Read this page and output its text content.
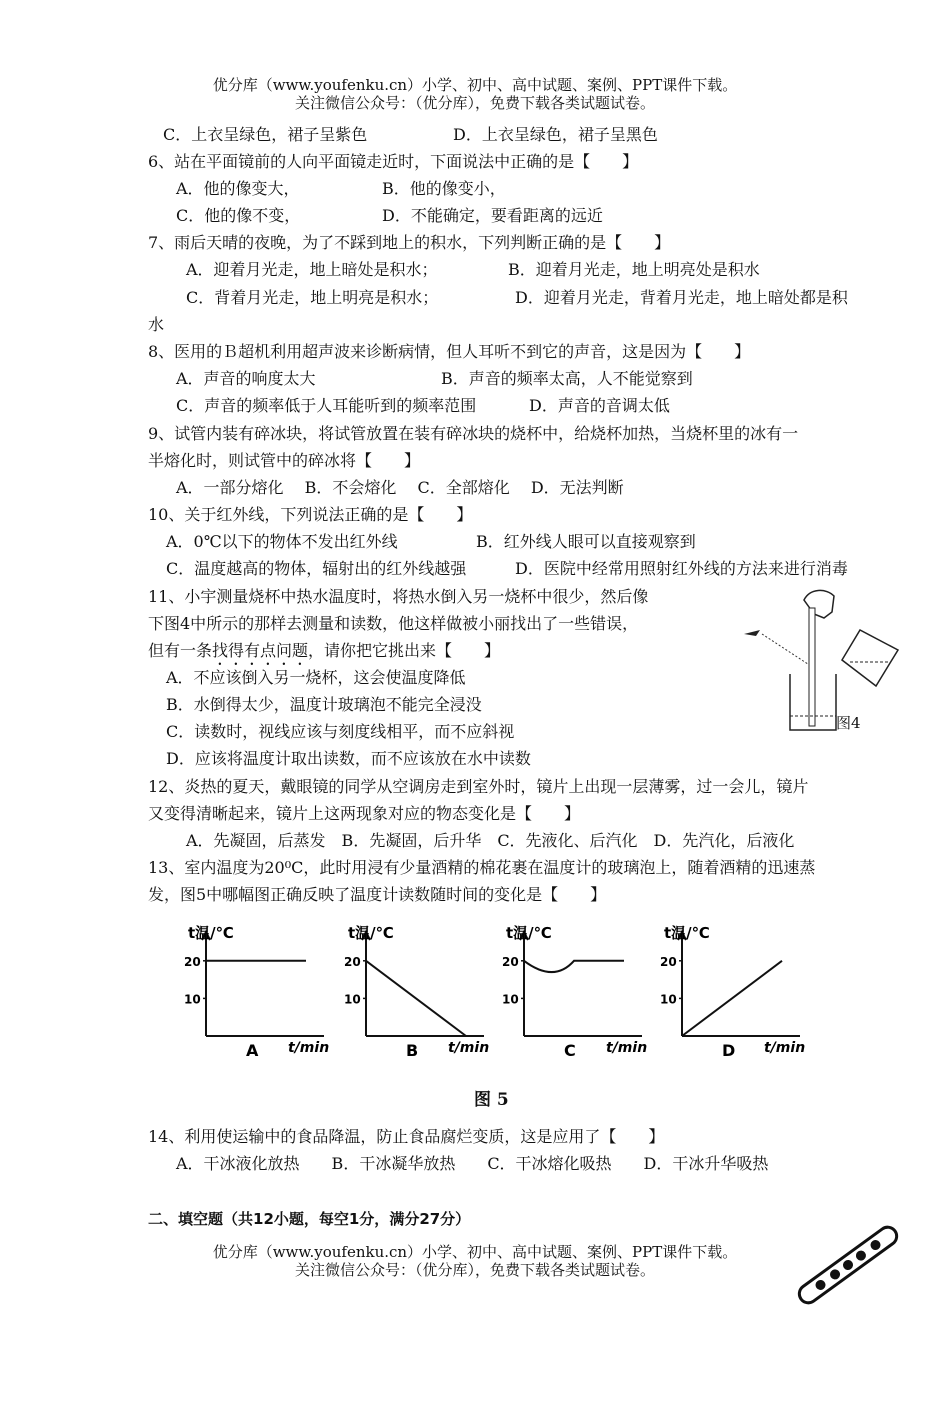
优分库（www.youfenku.cn）小学、初中、高中试题、案例、PPT课件下载。
关注微信公众号：（优分库），免费下载各类试题试卷。
C．上衣呈绿色，裙子呈紫色	D．上衣呈绿色，裙子呈黑色
6、站在平面镜前的人向平面镜走近时，下面说法中正确的是【　　】
A．他的像变大，	B．他的像变小，
C．他的像不变，	D．不能确定，要看距离的远近
7、雨后天晴的夜晚，为了不踩到地上的积水，下列判断正确的是【　　】
A．迎着月光走，地上暗处是积水；	B．迎着月光走，地上明亮处是积水
C．背着月光走，地上明亮是积水；	D．迎着月光走，背着月光走，地上暗处都是积
水
8、医用的Ｂ超机利用超声波来诊断病情，但人耳听不到它的声音，这是因为【　　】
A．声音的响度太大	B．声音的频率太高，人不能觉察到
C．声音的频率低于人耳能听到的频率范围	D．声音的音调太低
9、试管内装有碎冰块，将试管放置在装有碎冰块的烧杯中，给烧杯加热，当烧杯里的冰有一
半熔化时，则试管中的碎冰将【　　】
A．一部分熔化　 B．不会熔化　 C．全部熔化　 D．无法判断
10、关于红外线，下列说法正确的是【　　】
A．0℃以下的物体不发出红外线	B．红外线人眼可以直接观察到
C．温度越高的物体，辐射出的红外线越强	D．医院中经常用照射红外线的方法来进行消毒
11、小宇测量烧杯中热水温度时，将热水倒入另一烧杯中很少，然后像
下图4中所示的那样去测量和读数，他这样做被小丽找出了一些错误，
但有一条找得有点问题，请你把它挑出来【　　】
A．不应该倒入另一烧杯，这会使温度降低
B．水倒得太少，温度计玻璃泡不能完全浸没
C．读数时，视线应该与刻度线相平，而不应斜视
D．应该将温度计取出读数，而不应该放在水中读数
图4
12、炎热的夏天，戴眼镜的同学从空调房走到室外时，镜片上出现一层薄雾，过一会儿，镜片
又变得清晰起来，镜片上这两现象对应的物态变化是【　　】
A．先凝固，后蒸发　B．先凝固，后升华　C．先液化、后汽化　D．先汽化，后液化
13、室内温度为20⁰C，此时用浸有少量酒精的棉花裹在温度计的玻璃泡上，随着酒精的迅速蒸
发，图5中哪幅图正确反映了温度计读数随时间的变化是【　　】
t温/℃
20
10
A t/min
t温/℃
20
10
B t/min
t温/℃
20
10
C t/min
t温/℃
20
10
D t/min
图 5
14、利用使运输中的食品降温，防止食品腐烂变质，这是应用了【　　】
A．干冰液化放热　　B．干冰凝华放热　　C．干冰熔化吸热　　D．干冰升华吸热
二、填空题（共12小题，每空1分，满分27分）
优分库（www.youfenku.cn）小学、初中、高中试题、案例、PPT课件下载。
关注微信公众号：（优分库），免费下载各类试题试卷。
